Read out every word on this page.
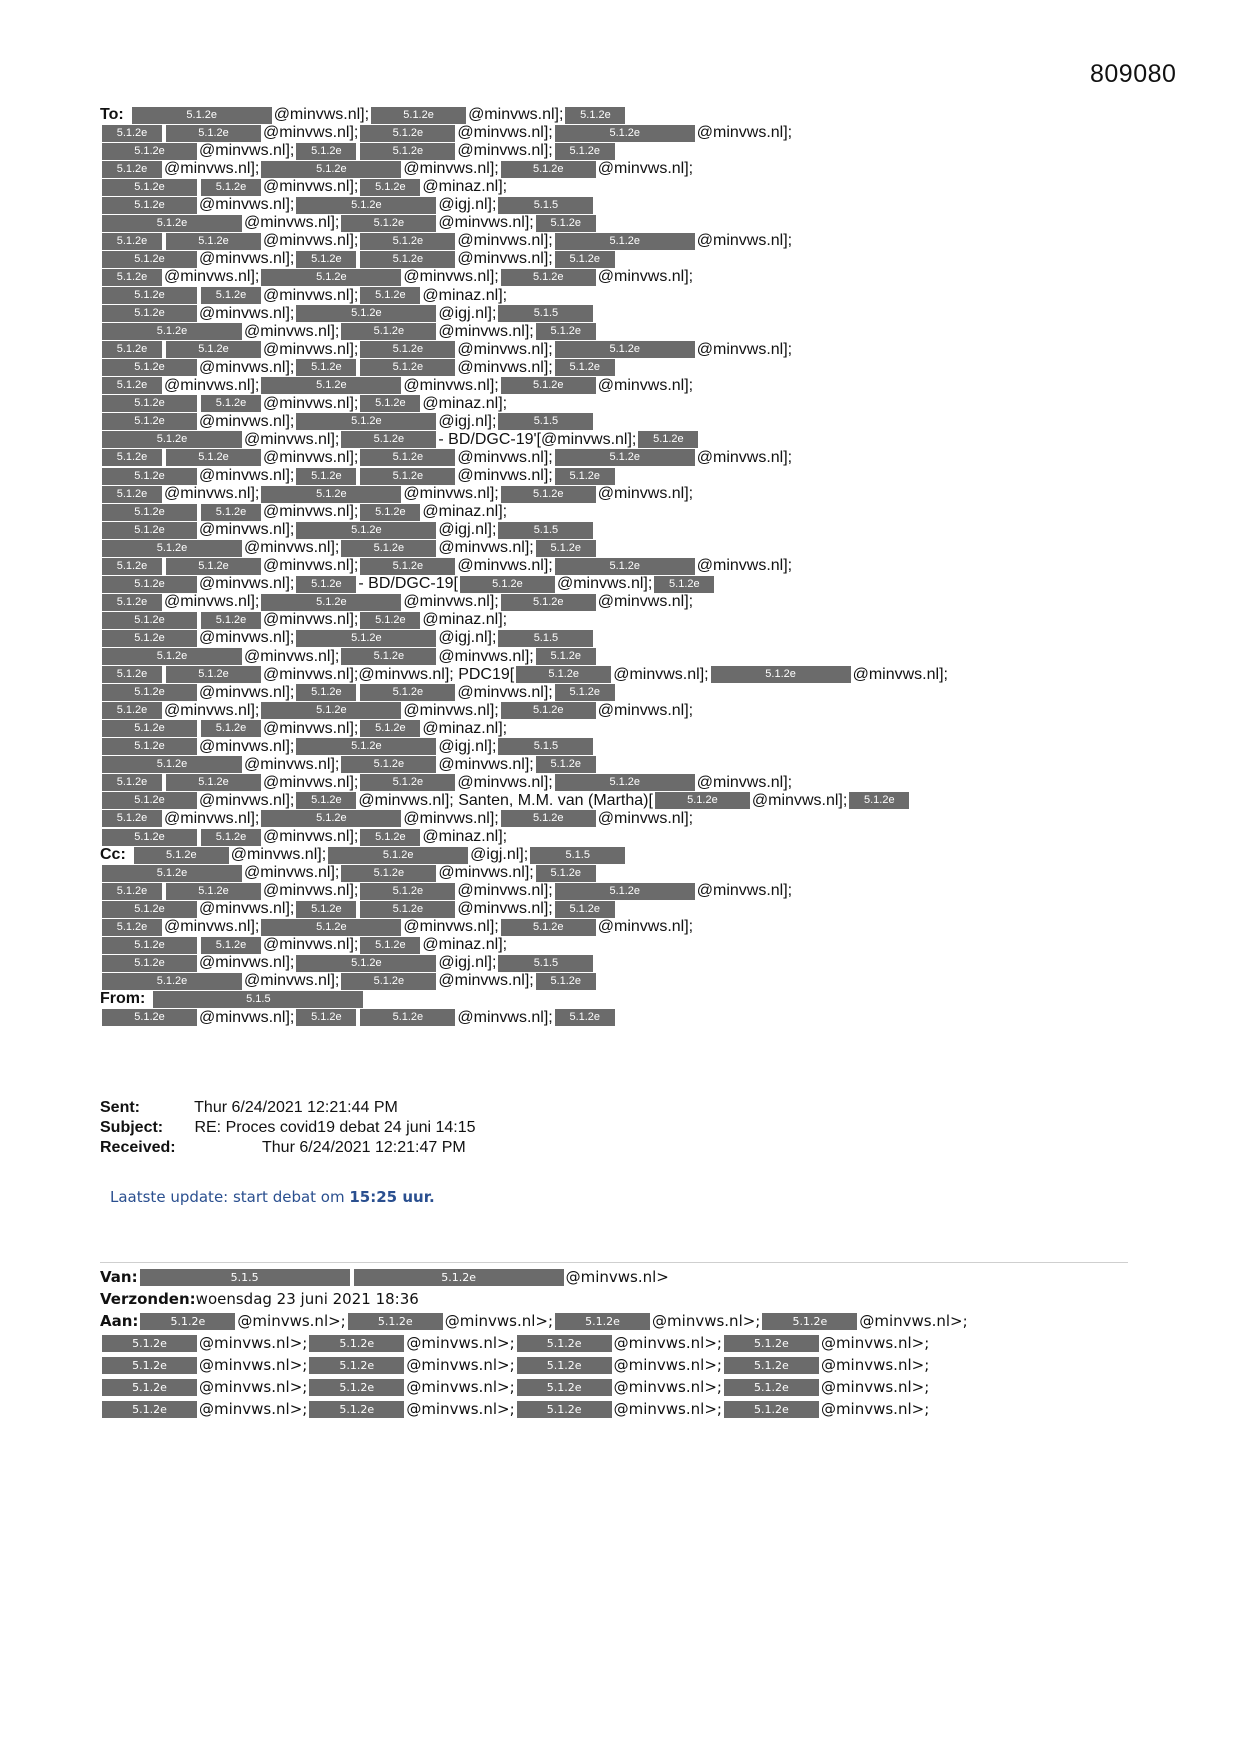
809080
To:	5.1.2e	@minvws.nl];	5.1.2e @minvws.nl]; 5.1.2e
5.1.2e	5.1.2e @minvws.nl];	5.1.2e @minvws.nl];	5.1.2e	@minvws.nl];
5.1.2e @minvws.nl]; 5.1.2e	5.1.2e @minvws.nl]; 5.1.2e
5.1.2e @minvws.nl];	5.1.2e	@minvws.nl];	5.1.2e @minvws.nl];
5.1.2e	5.1.2e @minvws.nl]; 5.1.2e @minaz.nl];
5.1.2e @minvws.nl];	5.1.2e	@igj.nl];	5.1.5
5.1.2e	@minvws.nl];	5.1.2e @minvws.nl]; 5.1.2e
5.1.2e	5.1.2e @minvws.nl];	5.1.2e @minvws.nl];	5.1.2e	@minvws.nl];
5.1.2e @minvws.nl]; 5.1.2e	5.1.2e @minvws.nl]; 5.1.2e
5.1.2e @minvws.nl];	5.1.2e	@minvws.nl];	5.1.2e @minvws.nl];
5.1.2e	5.1.2e @minvws.nl]; 5.1.2e @minaz.nl];
5.1.2e @minvws.nl];	5.1.2e	@igj.nl];	5.1.5
5.1.2e	@minvws.nl];	5.1.2e @minvws.nl]; 5.1.2e
5.1.2e	5.1.2e @minvws.nl];	5.1.2e @minvws.nl];	5.1.2e	@minvws.nl];
5.1.2e @minvws.nl]; 5.1.2e	5.1.2e @minvws.nl]; 5.1.2e
5.1.2e @minvws.nl];	5.1.2e	@minvws.nl];	5.1.2e @minvws.nl];
5.1.2e	5.1.2e @minvws.nl]; 5.1.2e @minaz.nl];
5.1.2e @minvws.nl];	5.1.2e	@igj.nl];	5.1.5
5.1.2e	@minvws.nl];	5.1.2e - BD/DGC-19'[@minvws.nl]; 5.1.2e
5.1.2e	5.1.2e @minvws.nl];	5.1.2e @minvws.nl];	5.1.2e	@minvws.nl];
5.1.2e @minvws.nl]; 5.1.2e	5.1.2e @minvws.nl]; 5.1.2e
5.1.2e @minvws.nl];	5.1.2e	@minvws.nl];	5.1.2e @minvws.nl];
5.1.2e	5.1.2e @minvws.nl]; 5.1.2e @minaz.nl];
5.1.2e @minvws.nl];	5.1.2e	@igj.nl];	5.1.5
5.1.2e	@minvws.nl];	5.1.2e @minvws.nl]; 5.1.2e
5.1.2e	5.1.2e @minvws.nl];	5.1.2e @minvws.nl];	5.1.2e	@minvws.nl];
5.1.2e @minvws.nl]; 5.1.2e - BD/DGC-19[	5.1.2e @minvws.nl]; 5.1.2e
5.1.2e @minvws.nl];	5.1.2e	@minvws.nl];	5.1.2e @minvws.nl];
5.1.2e	5.1.2e @minvws.nl]; 5.1.2e @minaz.nl];
5.1.2e @minvws.nl];	5.1.2e	@igj.nl];	5.1.5
5.1.2e	@minvws.nl];	5.1.2e @minvws.nl]; 5.1.2e
5.1.2e	5.1.2e @minvws.nl];@minvws.nl]; PDC19[	5.1.2e @minvws.nl];	5.1.2e	@minvws.nl];
5.1.2e @minvws.nl]; 5.1.2e	5.1.2e @minvws.nl]; 5.1.2e
5.1.2e @minvws.nl];	5.1.2e	@minvws.nl];	5.1.2e @minvws.nl];
5.1.2e	5.1.2e @minvws.nl]; 5.1.2e @minaz.nl];
5.1.2e @minvws.nl];	5.1.2e	@igj.nl];	5.1.5
5.1.2e	@minvws.nl];	5.1.2e @minvws.nl]; 5.1.2e
5.1.2e	5.1.2e @minvws.nl];	5.1.2e @minvws.nl];	5.1.2e	@minvws.nl];
5.1.2e @minvws.nl]; 5.1.2e @minvws.nl]; Santen, M.M. van (Martha)[	5.1.2e @minvws.nl]; 5.1.2e
5.1.2e @minvws.nl];	5.1.2e	@minvws.nl];	5.1.2e @minvws.nl];
5.1.2e	5.1.2e @minvws.nl]; 5.1.2e @minaz.nl];
Cc:	5.1.2e @minvws.nl];	5.1.2e	@igj.nl];	5.1.5
5.1.2e	@minvws.nl];	5.1.2e @minvws.nl]; 5.1.2e
5.1.2e	5.1.2e @minvws.nl];	5.1.2e @minvws.nl];	5.1.2e	@minvws.nl];
5.1.2e @minvws.nl]; 5.1.2e	5.1.2e @minvws.nl]; 5.1.2e
5.1.2e @minvws.nl];	5.1.2e	@minvws.nl];	5.1.2e @minvws.nl];
5.1.2e	5.1.2e @minvws.nl]; 5.1.2e @minaz.nl];
5.1.2e @minvws.nl];	5.1.2e	@igj.nl];	5.1.5
5.1.2e	@minvws.nl];	5.1.2e @minvws.nl]; 5.1.2e
From:	5.1.5
5.1.2e @minvws.nl]; 5.1.2e	5.1.2e @minvws.nl]; 5.1.2e
Sent:	Thur 6/24/2021 12:21:44 PM
Subject: RE: Proces covid19 debat 24 juni 14:15
Received:	Thur 6/24/2021 12:21:47 PM
Laatste update: start debat om 15:25 uur.
Van:	5.1.5	5.1.2e	@minvws.nl>
Verzonden:woensdag 23 juni 2021 18:36
Aan:	5.1.2e @minvws.nl>;	5.1.2e @minvws.nl>;	5.1.2e @minvws.nl>;	5.1.2e @minvws.nl>;
5.1.2e @minvws.nl>;	5.1.2e @minvws.nl>;	5.1.2e @minvws.nl>;	5.1.2e @minvws.nl>;
5.1.2e @minvws.nl>;	5.1.2e @minvws.nl>;	5.1.2e @minvws.nl>;	5.1.2e @minvws.nl>;
5.1.2e @minvws.nl>;	5.1.2e @minvws.nl>;	5.1.2e @minvws.nl>;	5.1.2e @minvws.nl>;
5.1.2e @minvws.nl>;	5.1.2e @minvws.nl>;	5.1.2e @minvws.nl>;	5.1.2e @minvws.nl>;
